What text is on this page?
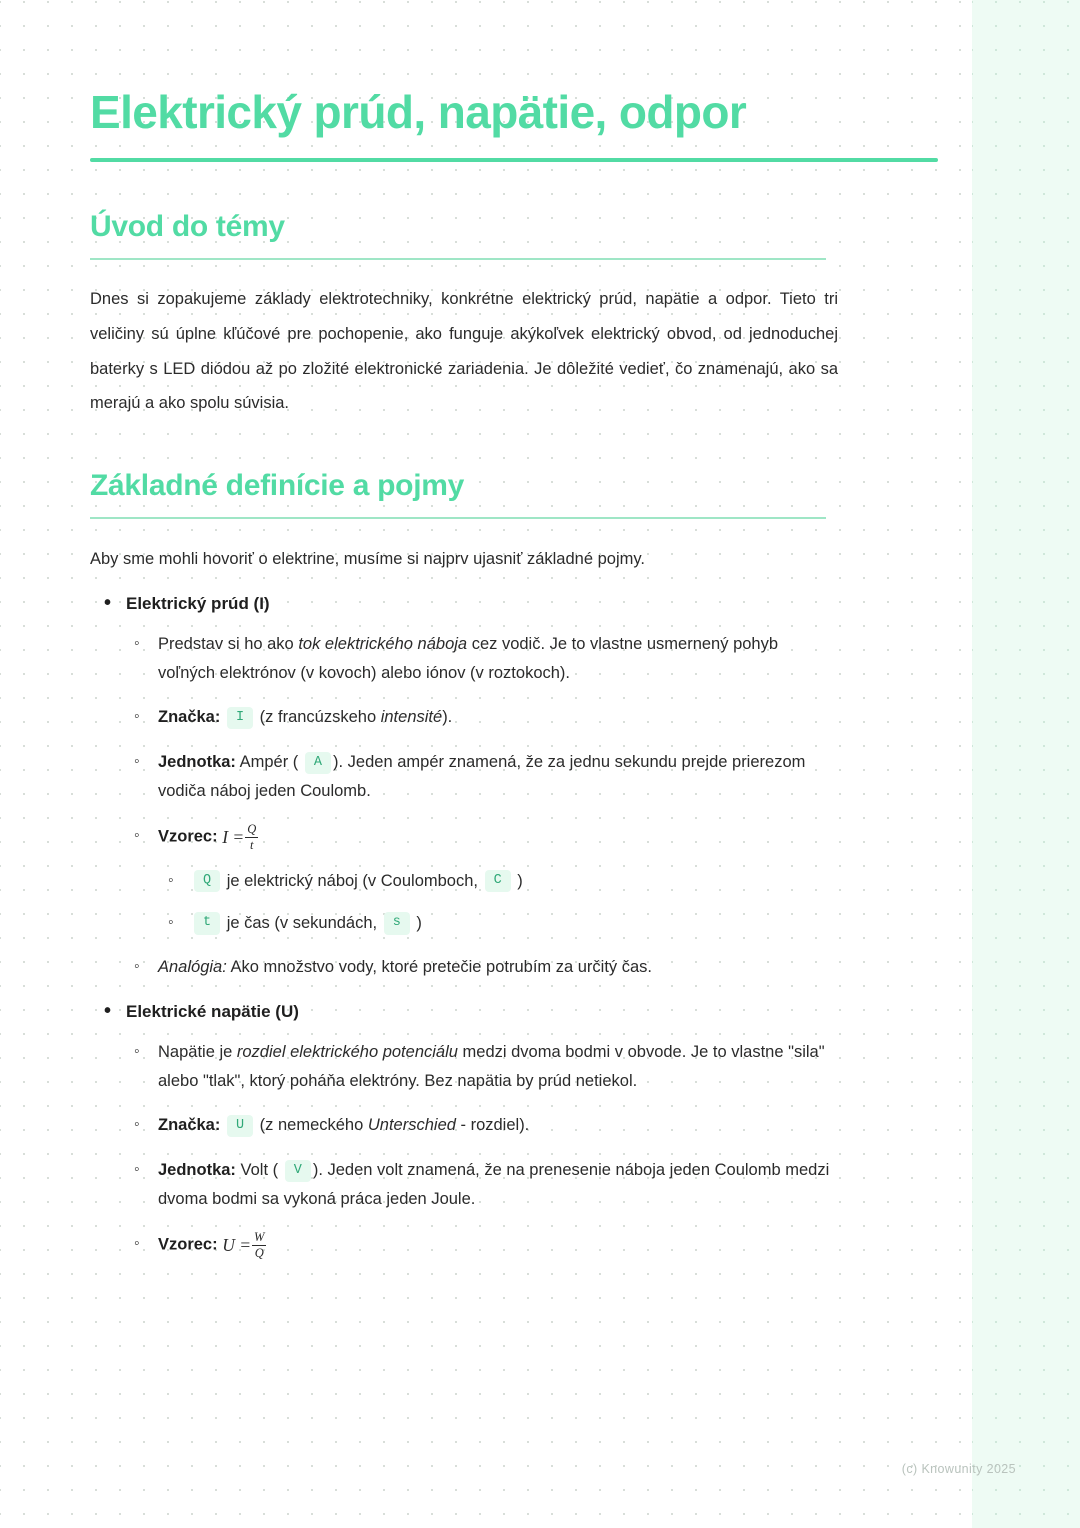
Elektrický prúd, napätie, odpor
Úvod do témy

Dnes si zopakujeme základy elektrotechniky, konkrétne elektrický prúd, napätie a odpor. Tieto tri veličiny sú úplne kľúčové pre pochopenie, ako funguje akýkoľvek elektrický obvod, od jednoduchej baterky s LED diódou až po zložité elektronické zariadenia. Je dôležité vedieť, čo znamenajú, ako sa merajú a ako spolu súvisia.

Základné definície a pojmy

Aby sme mohli hovoriť o elektrine, musíme si najprv ujasniť základné pojmy.

• Elektrický prúd (I)
◦ Predstav si ho ako tok elektrického náboja cez vodič. Je to vlastne usmernený pohyb voľných elektrónov (v kovoch) alebo iónov (v roztokoch).
◦ Značka: I (z francúzskeho intensité).
◦ Jednotka: Ampér ( A ). Jeden ampér znamená, že za jednu sekundu prejde prierezom vodiča náboj jeden Coulomb.
◦ Vzorec: $I = \frac{Q}{t}$
◦ Q je elektrický náboj (v Coulomboch, C )
◦ t je čas (v sekundách, s )
◦ Analógia: Ako množstvo vody, ktoré pretečie potrubím za určitý čas.
• Elektrické napätie (U)
◦ Napätie je rozdiel elektrického potenciálu medzi dvoma bodmi v obvode. Je to vlastne "sila" alebo "tlak", ktorý poháňa elektróny. Bez napätia by prúd netiekol.
◦ Značka: U (z nemeckého Unterschied - rozdiel).
◦ Jednotka: Volt ( V ). Jeden volt znamená, že na prenesenie náboja jeden Coulomb medzi dvoma bodmi sa vykoná práca jeden Joule.
◦ Vzorec: $U = \frac{W}{Q}$
(c) Knowunity 2025
